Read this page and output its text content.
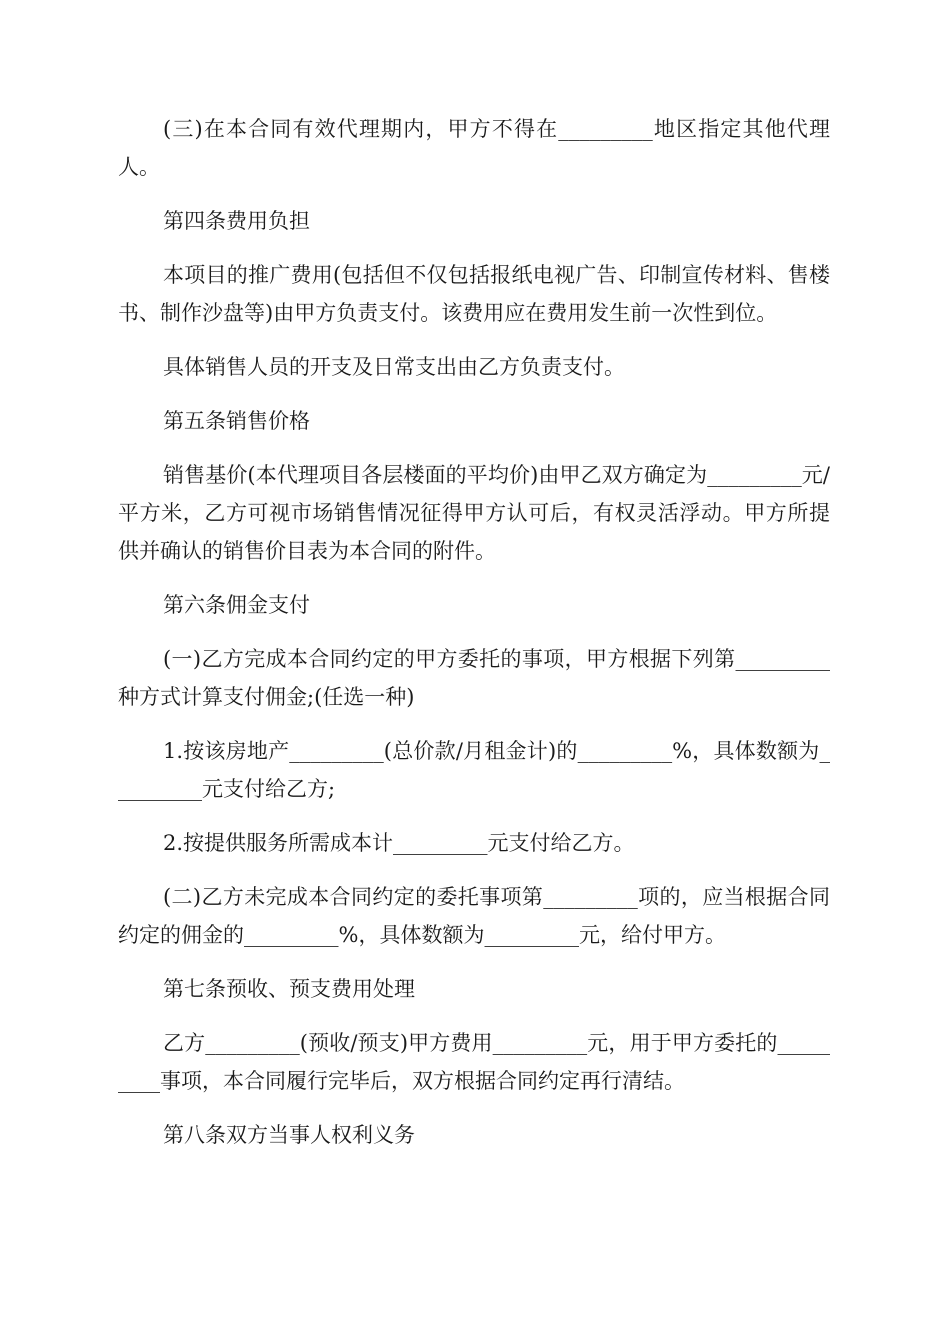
(三)在本合同有效代理期内，甲方不得在_________地区指定其他代理人。

第四条费用负担

本项目的推广费用(包括但不仅包括报纸电视广告、印制宣传材料、售楼书、制作沙盘等)由甲方负责支付。该费用应在费用发生前一次性到位。

具体销售人员的开支及日常支出由乙方负责支付。

第五条销售价格

销售基价(本代理项目各层楼面的平均价)由甲乙双方确定为_________元/平方米，乙方可视市场销售情况征得甲方认可后，有权灵活浮动。甲方所提供并确认的销售价目表为本合同的附件。

第六条佣金支付

(一)乙方完成本合同约定的甲方委托的事项，甲方根据下列第_________种方式计算支付佣金;(任选一种)

1.按该房地产_________(总价款/月租金计)的_________%，具体数额为_________元支付给乙方;

2.按提供服务所需成本计_________元支付给乙方。

(二)乙方未完成本合同约定的委托事项第_________项的，应当根据合同约定的佣金的_________%，具体数额为_________元，给付甲方。

第七条预收、预支费用处理

乙方_________(预收/预支)甲方费用_________元，用于甲方委托的_________事项，本合同履行完毕后，双方根据合同约定再行清结。

第八条双方当事人权利义务
